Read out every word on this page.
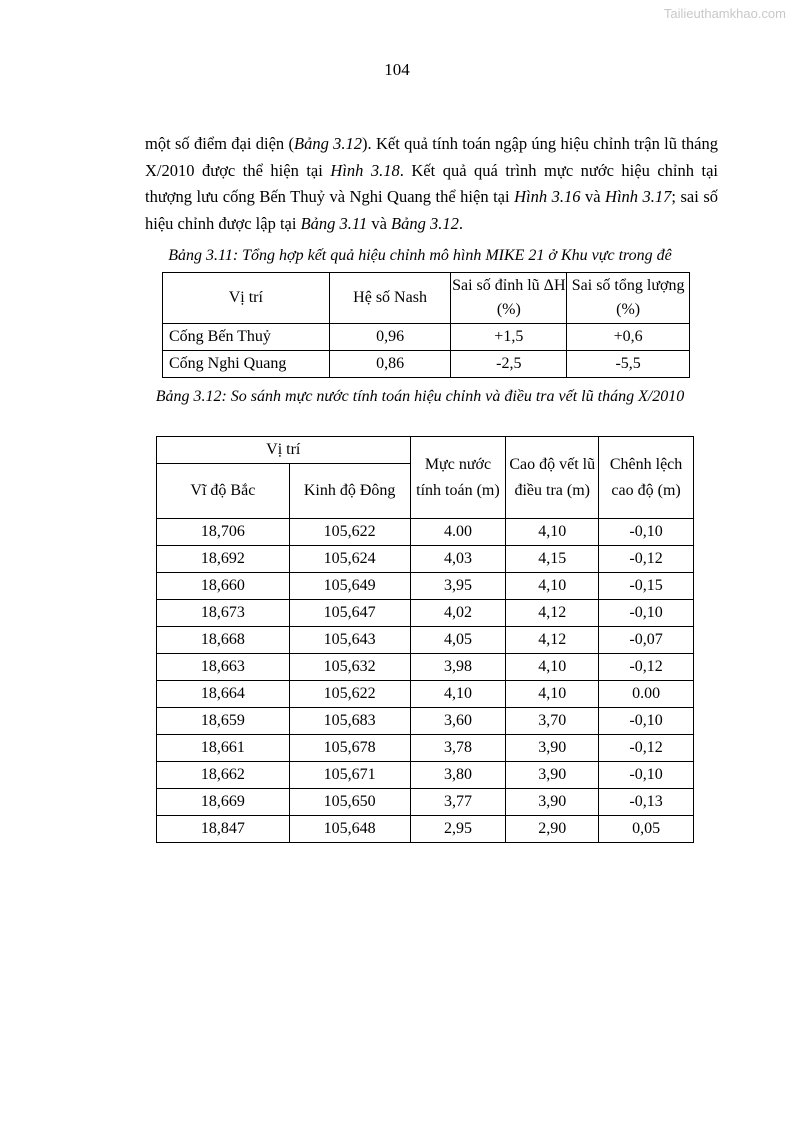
Tailieuthamkhao.com
104
một số điểm đại diện (Bảng 3.12). Kết quả tính toán ngập úng hiệu chỉnh trận lũ tháng X/2010 được thể hiện tại Hình 3.18. Kết quả quá trình mực nước hiệu chỉnh tại thượng lưu cống Bến Thuỷ và Nghi Quang thể hiện tại Hình 3.16 và Hình 3.17; sai số hiệu chỉnh được lập tại Bảng 3.11 và Bảng 3.12.
Bảng 3.11: Tổng hợp kết quả hiệu chỉnh mô hình MIKE 21 ở Khu vực trong đê
Vị trí	Hệ số Nash	Sai số đỉnh lũ ΔH (%)	Sai số tổng lượng (%)
Cống Bến Thuỷ	0,96	+1,5	+0,6
Cống Nghi Quang	0,86	-2,5	-5,5
Bảng 3.12: So sánh mực nước tính toán hiệu chỉnh và điều tra vết lũ tháng X/2010
Vị trí		Mực nước tính toán (m)	Cao độ vết lũ điều tra (m)	Chênh lệch cao độ (m)
Vĩ độ Bắc	Kinh độ Đông			
18,706	105,622	4.00	4,10	-0,10
18,692	105,624	4,03	4,15	-0,12
18,660	105,649	3,95	4,10	-0,15
18,673	105,647	4,02	4,12	-0,10
18,668	105,643	4,05	4,12	-0,07
18,663	105,632	3,98	4,10	-0,12
18,664	105,622	4,10	4,10	0.00
18,659	105,683	3,60	3,70	-0,10
18,661	105,678	3,78	3,90	-0,12
18,662	105,671	3,80	3,90	-0,10
18,669	105,650	3,77	3,90	-0,13
18,847	105,648	2,95	2,90	0,05
